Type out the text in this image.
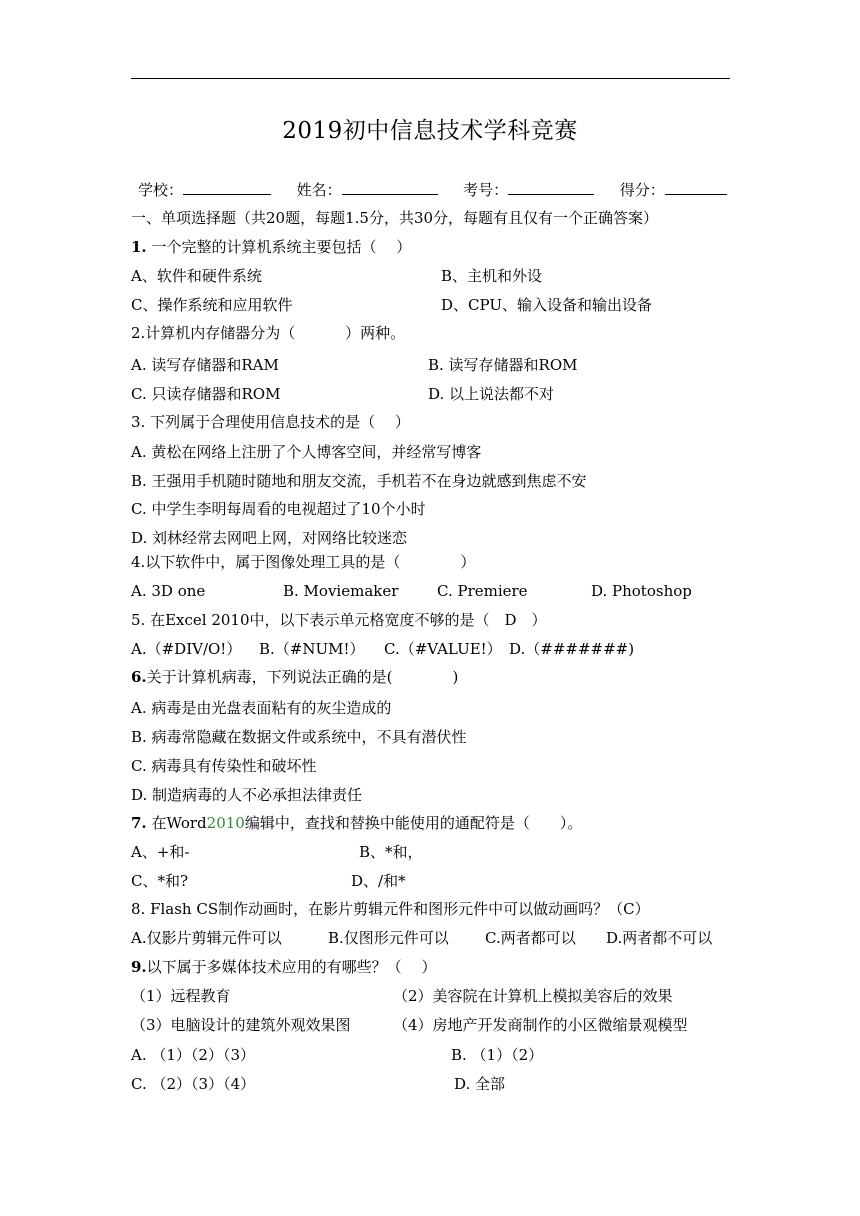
2019初中信息技术学科竞赛
学校：	姓名：	考号：	得分：
一、单项选择题（共20题，每题1.5分，共30分，每题有且仅有一个正确答案）
1. 一个完整的计算机系统主要包括（　 ）
A、软件和硬件系统	B、主机和外设
C、操作系统和应用软件	D、CPU、输入设备和输出设备
2.计算机内存储器分为（　　　 ）两种。
A. 读写存储器和RAM	B. 读写存储器和ROM
C. 只读存储器和ROM	D. 以上说法都不对
3. 下列属于合理使用信息技术的是（　 ）
A. 黄松在网络上注册了个人博客空间，并经常写博客
B. 王强用手机随时随地和朋友交流，手机若不在身边就感到焦虑不安
C. 中学生李明每周看的电视超过了10个小时
D. 刘林经常去网吧上网，对网络比较迷恋
4.以下软件中，属于图像处理工具的是（　　　　）
A. 3D one	B. Moviemaker	C. Premiere	D. Photoshop
5. 在Excel 2010中，以下表示单元格宽度不够的是（　D　）
A.（#DIV/O!） B.（#NUM!） C.（#VALUE!） D.（#######)
6.关于计算机病毒，下列说法正确的是(　　　　)
A. 病毒是由光盘表面粘有的灰尘造成的
B. 病毒常隐藏在数据文件或系统中，不具有潜伏性
C. 病毒具有传染性和破坏性
D. 制造病毒的人不必承担法律责任
7. 在Word2010编辑中，查找和替换中能使用的通配符是（　　）。
A、+和-	B、*和，
C、*和?	D、/和*
8. Flash CS制作动画时，在影片剪辑元件和图形元件中可以做动画吗？（C）
A.仅影片剪辑元件可以	B.仅图形元件可以 C.两者都可以 D.两者都不可以
9.以下属于多媒体技术应用的有哪些？（　 ）
（1）远程教育	（2）美容院在计算机上模拟美容后的效果
（3）电脑设计的建筑外观效果图	（4）房地产开发商制作的小区微缩景观模型
A. （1）（2）（3）	B. （1）（2）
C. （2）（3）（4）	D. 全部
